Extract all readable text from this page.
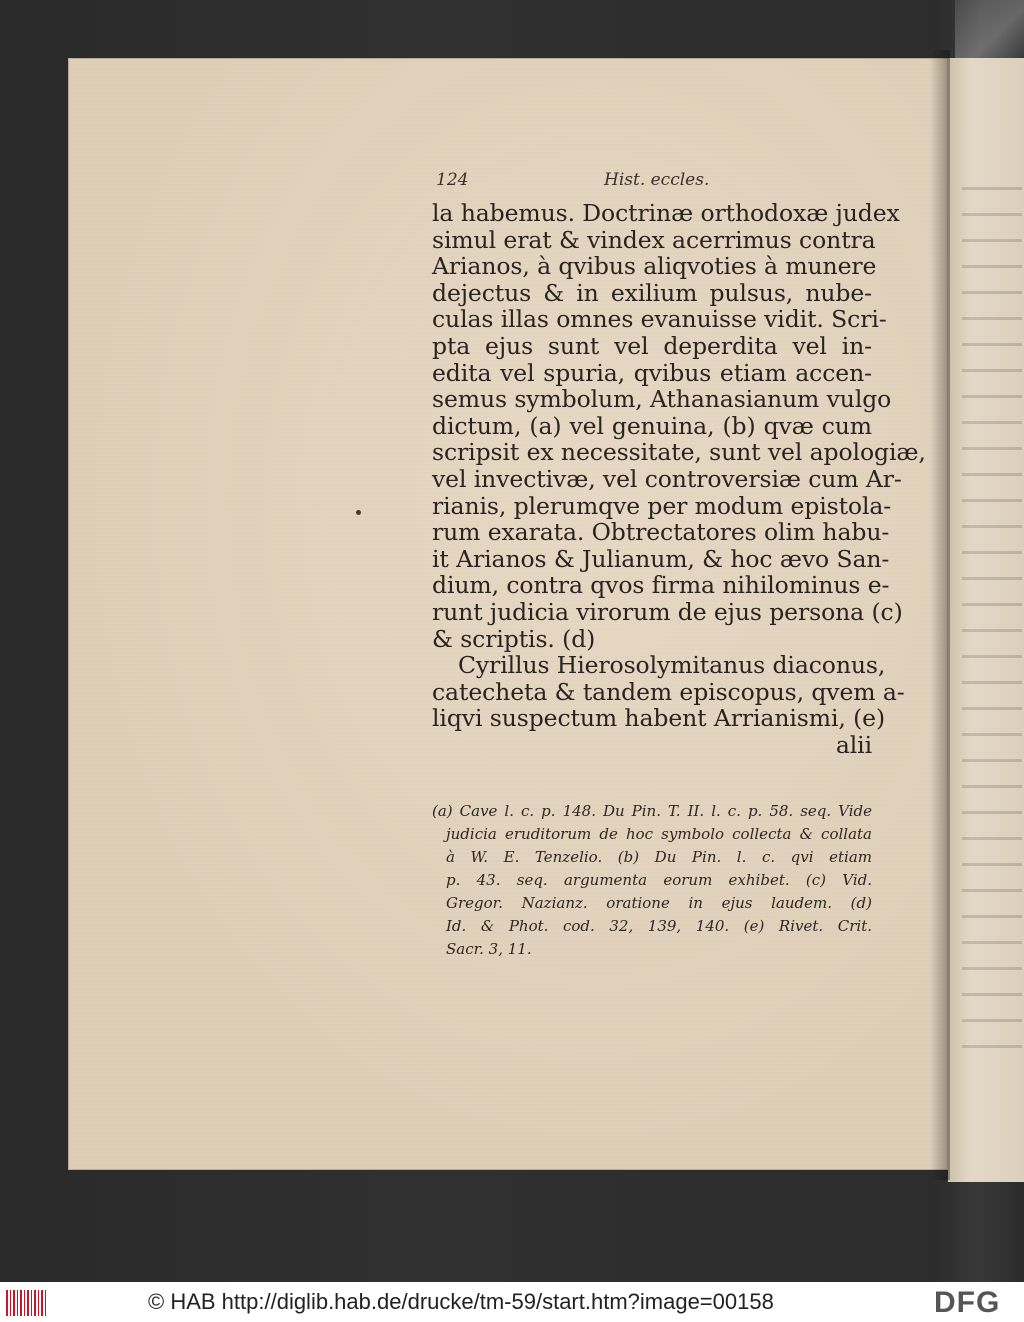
124	Hist. eccles.
la habemus. Doctrinæ orthodoxæ judex
simul erat & vindex acerrimus contra
Arianos, à qvibus aliqvoties à munere
dejectus & in exilium pulsus, nube-
culas illas omnes evanuisse vidit. Scri-
pta ejus sunt vel deperdita vel in-
edita vel spuria, qvibus etiam accen-
semus symbolum, Athanasianum vulgo
dictum, (a) vel genuina, (b) qvæ cum
scripsit ex necessitate, sunt vel apologiæ,
vel invectivæ, vel controversiæ cum Ar-
rianis, plerumqve per modum epistola-
rum exarata. Obtrectatores olim habu-
it Arianos & Julianum, & hoc ævo San-
dium, contra qvos firma nihilominus e-
runt judicia virorum de ejus persona (c)
& scriptis. (d)
Cyrillus Hierosolymitanus diaconus,
catecheta & tandem episcopus, qvem a-
liqvi suspectum habent Arrianismi, (e)
alii
(a) Cave l. c. p. 148. Du Pin. T. II. l. c. p. 58. seq. Vide
judicia eruditorum de hoc symbolo collecta & collata
à W. E. Tenzelio. (b) Du Pin. l. c. qvi etiam
p. 43. seq. argumenta eorum exhibet. (c) Vid.
Gregor. Nazianz. oratione in ejus laudem. (d)
Id. & Phot. cod. 32, 139, 140. (e) Rivet. Crit.
Sacr. 3, 11.
© HAB http://diglib.hab.de/drucke/tm-59/start.htm?image=00158	DFG
